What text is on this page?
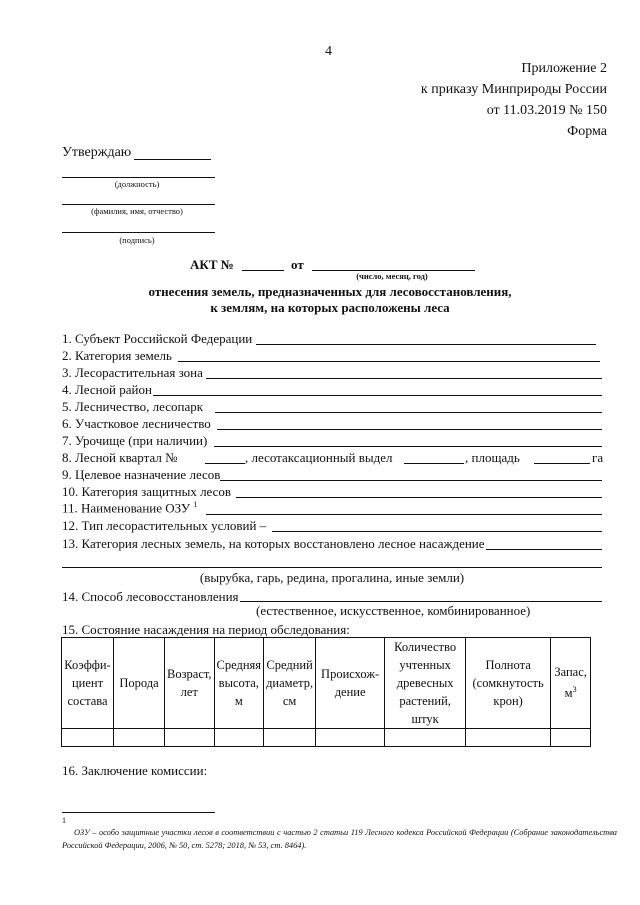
4
Приложение 2
к приказу Минприроды России
от 11.03.2019 № 150
Форма
Утверждаю
(должность)
(фамилия, имя, отчество)
(подпись)
АКТ №	от
(число, месяц, год)
отнесения земель, предназначенных для лесовосстановления,
к землям, на которых расположены леса
1. Субъект Российской Федерации
2. Категория земель
3. Лесорастительная зона
4. Лесной район
5. Лесничество, лесопарк
6. Участковое лесничество
7. Урочище (при наличии)
8. Лесной квартал №	, лесотаксационный выдел	, площадь	га
9. Целевое назначение лесов
10. Категория защитных лесов
11. Наименование ОЗУ $^1$
12. Тип лесорастительных условий –
13. Категория лесных земель, на которых восстановлено лесное насаждение
(вырубка, гарь, редина, прогалина, иные земли)
14. Способ лесовосстановления
(естественное, искусственное, комбинированное)
15. Состояние насаждения на период обследования:
Коэффи-
циент
состава	Порода	Возраст,
лет	Средняя
высота,
м	Средний
диаметр,
см	Происхож-
дение	Количество
учтенных
древесных
растений,
штук	Полнота
(сомкнутость
крон)	Запас,
$м^3$

16. Заключение комиссии:
1
ОЗУ – особо защитные участки лесов в соответствии с частью 2 статьи 119 Лесного кодекса Российской Федерации (Собрание законодательства Российской Федерации, 2006, № 50, ст. 5278; 2018, № 53, ст. 8464).
